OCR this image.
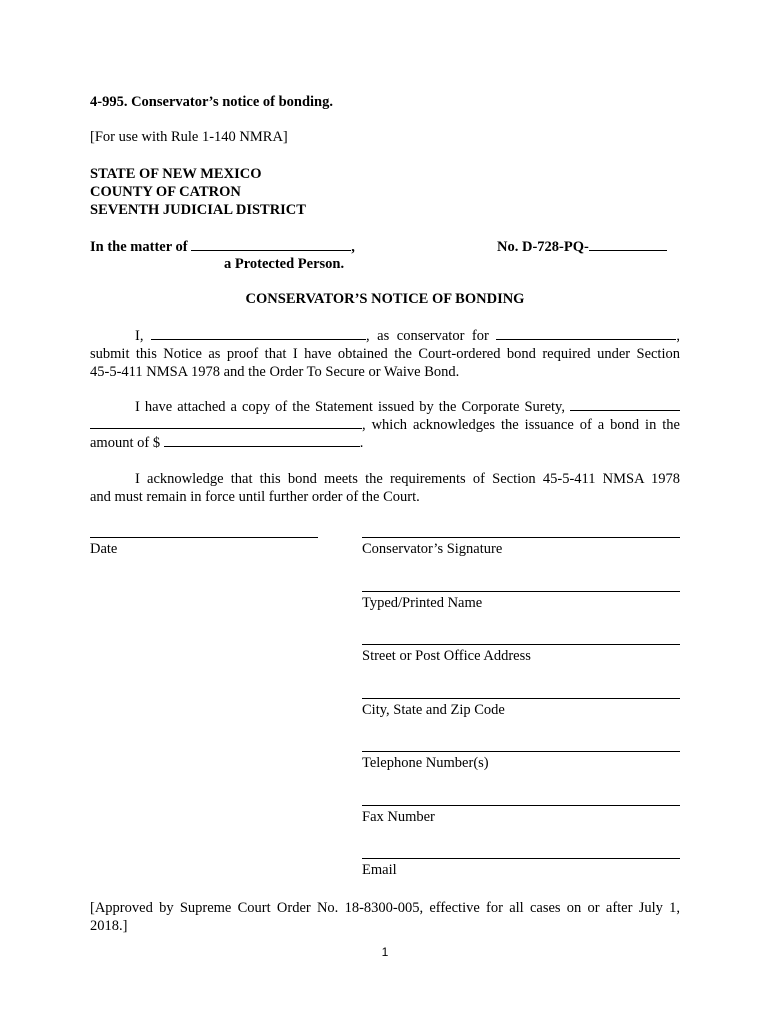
4-995. Conservator’s notice of bonding.
[For use with Rule 1-140 NMRA]
STATE OF NEW MEXICO
COUNTY OF CATRON
SEVENTH JUDICIAL DISTRICT
In the matter of	,
a Protected Person.
No. D-728-PQ-
CONSERVATOR’S NOTICE OF BONDING
I,	, as conservator for	,
submit this Notice as proof that I have obtained the Court-ordered bond required under Section
45-5-411 NMSA 1978 and the Order To Secure or Waive Bond.
I have attached a copy of the Statement issued by the Corporate Surety,
, which acknowledges the issuance of a bond in the
amount of $	.
I acknowledge that this bond meets the requirements of Section 45-5-411 NMSA 1978
and must remain in force until further order of the Court.
Date	Conservator’s Signature
Typed/Printed Name
Street or Post Office Address
City, State and Zip Code
Telephone Number(s)
Fax Number
Email
[Approved by Supreme Court Order No. 18-8300-005, effective for all cases on or after July 1,
2018.]
1
